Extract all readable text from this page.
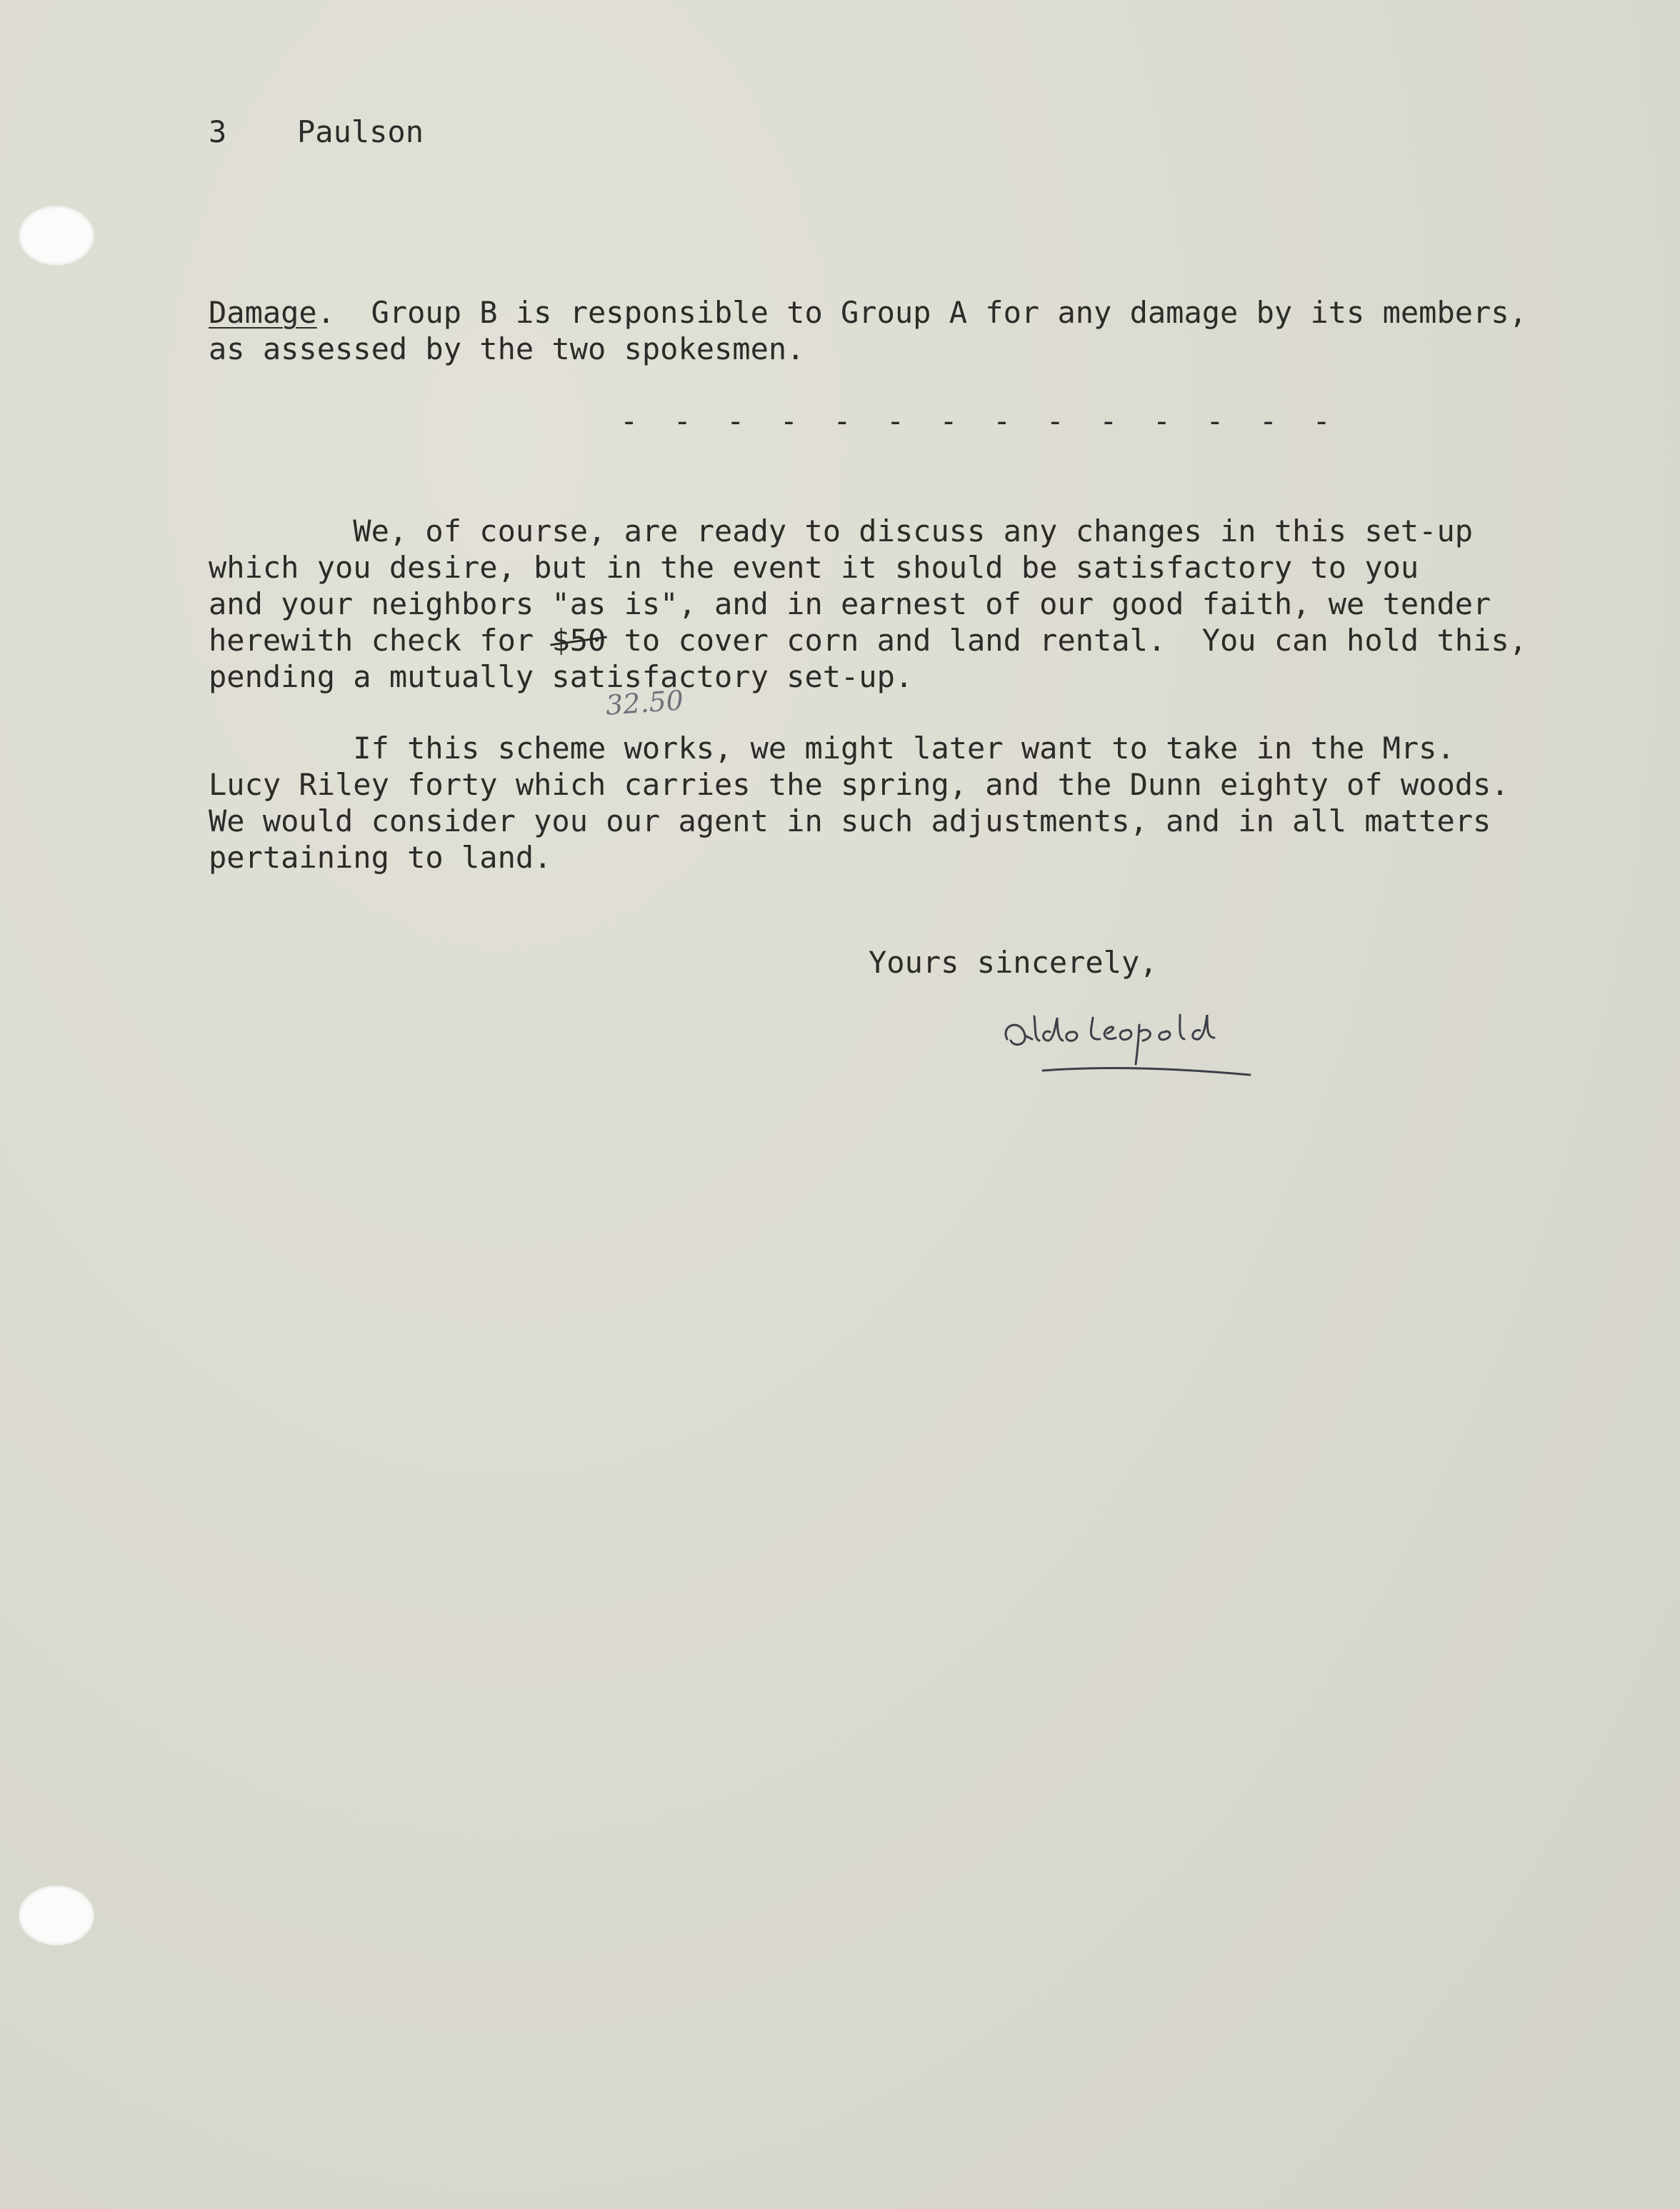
3 Paulson
Damage.  Group B is responsible to Group A for any damage by its members,
as assessed by the two spokesmen.
- - - - - - - - - - - - - -
We, of course, are ready to discuss any changes in this set-up
which you desire, but in the event it should be satisfactory to you
and your neighbors "as is", and in earnest of our good faith, we tender
herewith check for $50 to cover corn and land rental.  You can hold this,
pending a mutually satisfactory set-up.
32.50
If this scheme works, we might later want to take in the Mrs.
Lucy Riley forty which carries the spring, and the Dunn eighty of woods.
We would consider you our agent in such adjustments, and in all matters
pertaining to land.
Yours sincerely,
